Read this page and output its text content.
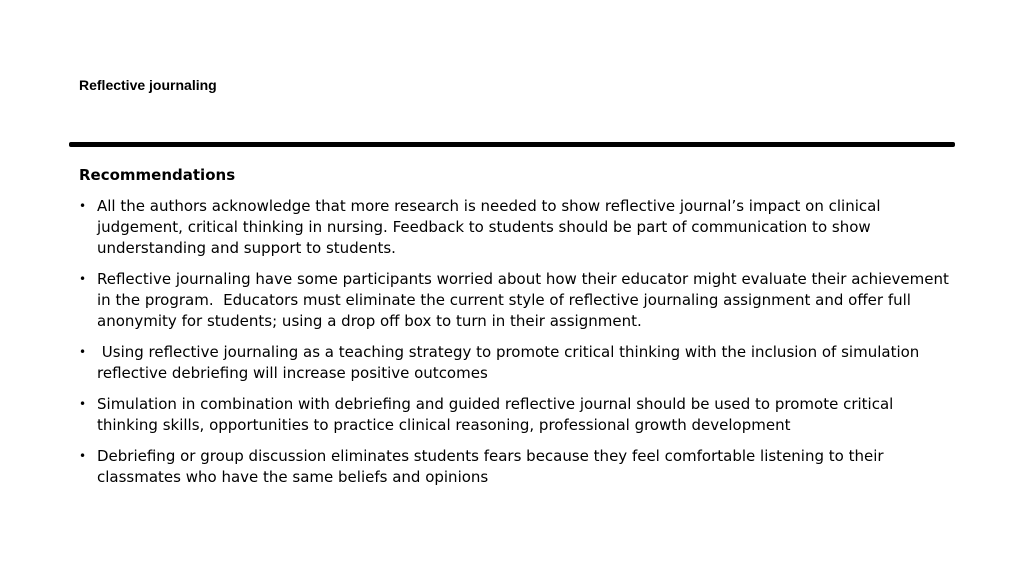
Reflective journaling
Recommendations
• All the authors acknowledge that more research is needed to show reflective journal’s impact on clinical judgement, critical thinking in nursing. Feedback to students should be part of communication to show understanding and support to students.
• Reflective journaling have some participants worried about how their educator might evaluate their achievement in the program.  Educators must eliminate the current style of reflective journaling assignment and offer full anonymity for students; using a drop off box to turn in their assignment.
• Using reflective journaling as a teaching strategy to promote critical thinking with the inclusion of simulation reflective debriefing will increase positive outcomes
• Simulation in combination with debriefing and guided reflective journal should be used to promote critical thinking skills, opportunities to practice clinical reasoning, professional growth development
• Debriefing or group discussion eliminates students fears because they feel comfortable listening to their classmates who have the same beliefs and opinions
